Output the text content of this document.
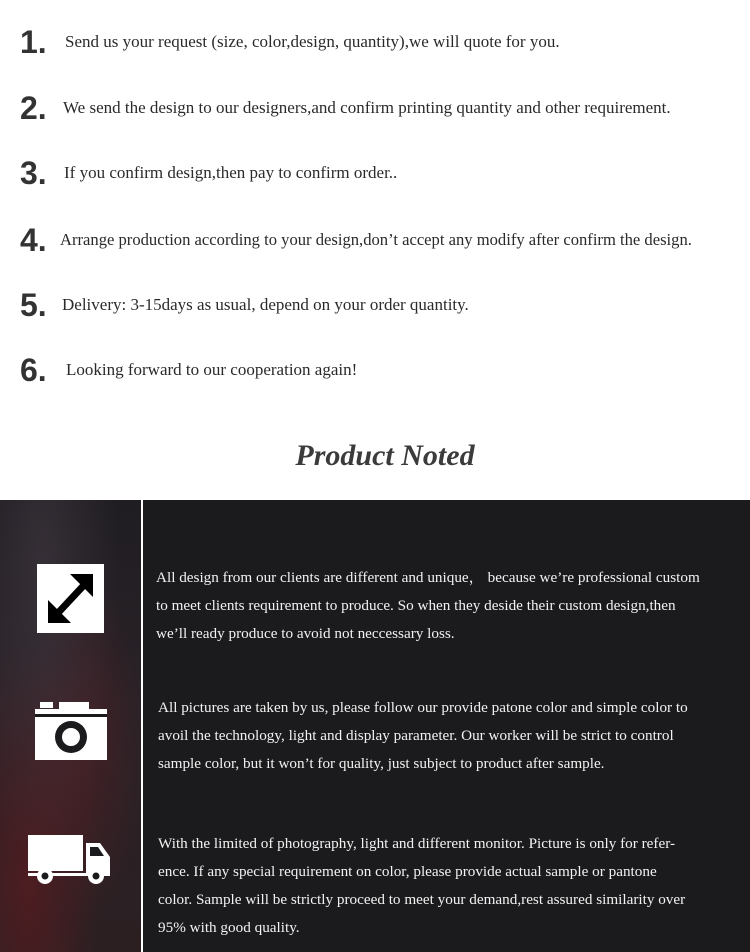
1. Send us your request (size, color,design, quantity),we will quote for you.
2. We send the design to our designers,and confirm printing quantity and other requirement.
3. If you confirm design,then pay to confirm order..
4. Arrange production according to your design,don’t accept any modify after confirm the design.
5. Delivery: 3-15days as usual, depend on your order quantity.
6. Looking forward to our cooperation again!
Product Noted
All design from our clients are different and unique， because we’re professional custom
to meet clients requirement to produce. So when they deside their custom design,then
we’ll ready produce to avoid not neccessary loss.
All pictures are taken by us, please follow our provide patone color and simple color to
avoil the technology, light and display parameter. Our worker will be strict to control
sample color, but it won’t for quality, just subject to product after sample.
With the limited of photography, light and different monitor. Picture is only for refer-
ence. If any special requirement on color, please provide actual sample or pantone
color. Sample will be strictly proceed to meet your demand,rest assured similarity over
95% with good quality.
